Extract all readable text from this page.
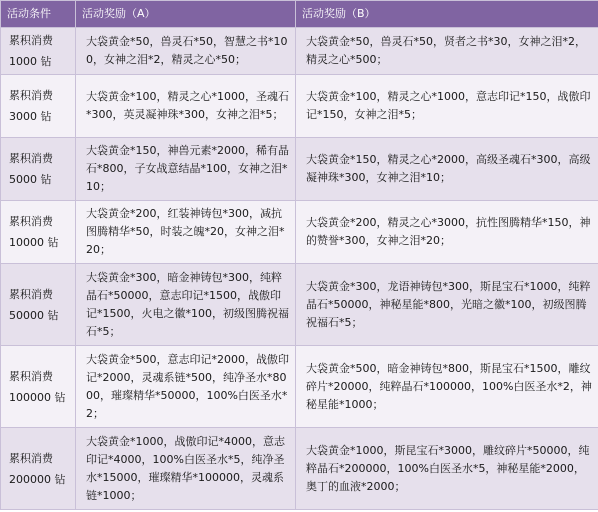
活动条件	活动奖励（A）	活动奖励（B）

累积消费
1000 钻	大袋黄金*50，兽灵石*50，智慧之书*100，女神之泪*2，精灵之心*50；	大袋黄金*50，兽灵石*50，贤者之书*30，女神之泪*2，精灵之心*500；

累积消费
3000 钻	大袋黄金*100，精灵之心*1000，圣魂石*300，英灵凝神珠*300，女神之泪*5；	大袋黄金*100，精灵之心*1000，意志印记*150，战傲印记*150，女神之泪*5；

累积消费
5000 钻	大袋黄金*150，神兽元素*2000，稀有晶石*800，子女战意结晶*100，女神之泪*10；	大袋黄金*150，精灵之心*2000，高级圣魂石*300，高级凝神珠*300，女神之泪*10；

累积消费
10000 钻	大袋黄金*200，红装神铸包*300，减抗图腾精华*50，时装之魄*20，女神之泪*20；	大袋黄金*200，精灵之心*3000，抗性图腾精华*150，神的赞誉*300，女神之泪*20；

累积消费
50000 钻	大袋黄金*300，暗金神铸包*300，纯粹晶石*50000，意志印记*1500，战傲印记*1500，火电之徽*100，初级图腾祝福石*5；	大袋黄金*300，龙语神铸包*300，斯昆宝石*1000，纯粹晶石*50000，神秘星能*800，光暗之徽*100，初级图腾祝福石*5；

累积消费
100000 钻	大袋黄金*500，意志印记*2000，战傲印记*2000，灵魂系链*500，纯净圣水*8000，璀璨精华*50000，100%白医圣水*2；	大袋黄金*500，暗金神铸包*800，斯昆宝石*1500，雕纹碎片*20000，纯粹晶石*100000，100%白医圣水*2，神秘星能*1000；

累积消费
200000 钻	大袋黄金*1000，战傲印记*4000，意志印记*4000，100%白医圣水*5，纯净圣水*15000，璀璨精华*100000，灵魂系链*1000；	大袋黄金*1000，斯昆宝石*3000，雕纹碎片*50000，纯粹晶石*200000，100%白医圣水*5，神秘星能*2000，奥丁的血液*2000；
